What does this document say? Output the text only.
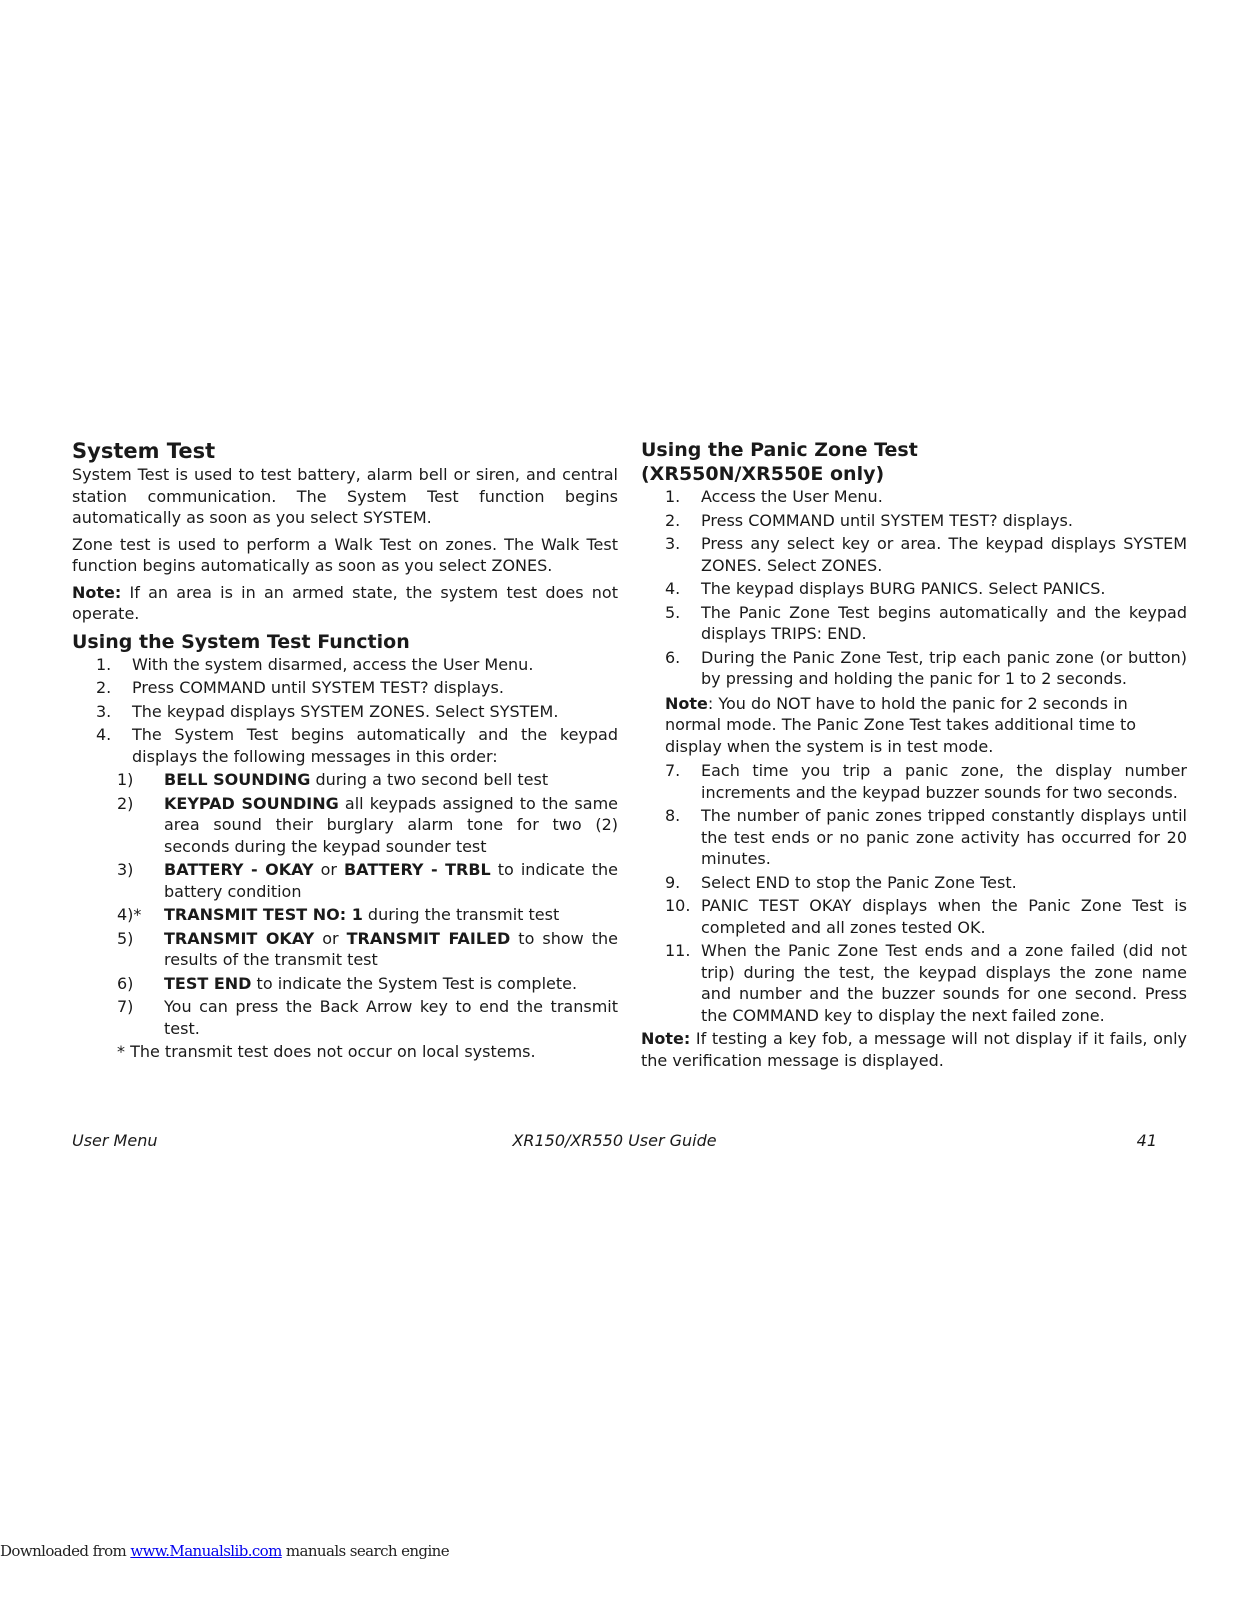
System Test

System Test is used to test battery, alarm bell or siren, and central station communication. The System Test function begins automatically as soon as you select SYSTEM.

Zone test is used to perform a Walk Test on zones. The Walk Test function begins automatically as soon as you select ZONES.

Note: If an area is in an armed state, the system test does not operate.

Using the System Test Function
1. With the system disarmed, access the User Menu.
2. Press COMMAND until SYSTEM TEST? displays.
3. The keypad displays SYSTEM ZONES. Select SYSTEM.
4. The System Test begins automatically and the keypad displays the following messages in this order:
1) BELL SOUNDING during a two second bell test
2) KEYPAD SOUNDING all keypads assigned to the same area sound their burglary alarm tone for two (2) seconds during the keypad sounder test
3) BATTERY - OKAY or BATTERY - TRBL to indicate the battery condition
4)* TRANSMIT TEST NO: 1 during the transmit test
5) TRANSMIT OKAY or TRANSMIT FAILED to show the results of the transmit test
6) TEST END to indicate the System Test is complete.
7) You can press the Back Arrow key to end the transmit test.

* The transmit test does not occur on local systems.

Using the Panic Zone Test
(XR550N/XR550E only)
1. Access the User Menu.
2. Press COMMAND until SYSTEM TEST? displays.
3. Press any select key or area. The keypad displays SYSTEM ZONES. Select ZONES.
4. The keypad displays BURG PANICS. Select PANICS.
5. The Panic Zone Test begins automatically and the keypad displays TRIPS: END.
6. During the Panic Zone Test, trip each panic zone (or button) by pressing and holding the panic for 1 to 2 seconds.

Note: You do NOT have to hold the panic for 2 seconds in normal mode. The Panic Zone Test takes additional time to display when the system is in test mode.

7. Each time you trip a panic zone, the display number increments and the keypad buzzer sounds for two seconds.
8. The number of panic zones tripped constantly displays until the test ends or no panic zone activity has occurred for 20 minutes.
9. Select END to stop the Panic Zone Test.
10. PANIC TEST OKAY displays when the Panic Zone Test is completed and all zones tested OK.
11. When the Panic Zone Test ends and a zone failed (did not trip) during the test, the keypad displays the zone name and number and the buzzer sounds for one second. Press the COMMAND key to display the next failed zone.

Note: If testing a key fob, a message will not display if it fails, only the verification message is displayed.

User Menu	XR150/XR550 User Guide	41
Downloaded from www.Manualslib.com manuals search engine
